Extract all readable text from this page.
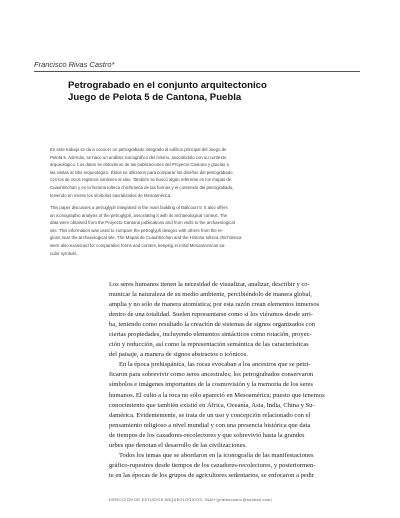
Francisco Rivas Castro*
Petrograbado en el conjunto arquitectonico
Juego de Pelota 5 de Cantona, Puebla
En este trabajo se da a conocer un petrograbado integrado al edificio principal del Juego de
Pelota 5. Además, se hace un análisis iconográfico del mismo, asociándolo con su contexto
arqueológico. Los datos se obtuvieron de las publicaciones del Proyecto Cantona y gracias a
las visitas al sitio arqueológico. Éstos se utilizaron para comparar los diseños del petrograbado
con los de otros registros similares al sitio. También se buscó algún referente en los mapas de
Cuauhtinchan y en la historia tolteca chichimeca de las formas y el contenido del petrograbado,
teniendo en mente los símbolos sacralizados de Mesoamérica.
This paper discusses a petroglyph integrated in the main building of Ballcourt 5. It also offers
an iconographic analysis of the petroglyph, associating it with its archaeological context. The
data were obtained from the Proyecto Cantona publications and from visits to the archaeological
site. This information was used to compare the petroglyph designs with others from the re-
gions near the archaeological site. The Mapas de Cuauhtinchan and the Historia tolteca chichimeca
were also examined for comparative forms and content, keeping in mind Mesoamerican sa-
cular symbols.
Los seres humanos tienen la necesidad de visualizar, analizar, describir y co-
municar la naturaleza de su medio ambiente, percibiéndolo de manera global,
amplia y no sólo de manera atomística; por esta razón crean elementos inmersos
dentro de una totalidad. Suelen representarse como si los viéramos desde arri-
ba, teniendo como resultado la creación de sistemas de signos organizados con
ciertas propiedades, incluyendo elementos sintácticos como rotación, proyec-
ción y reducción, así como la representación semántica de las características
del paisaje, a manera de signos abstractos o icónicos.
En la época prehispánica, las rocas evocaban a los ancestros que se petri-
ficaron para sobrevivir como seres ancestrales; los petrograbados conservaron
símbolos e imágenes importantes de la cosmovisión y la memoria de los seres
humanos. El culto a la roca no sólo apareció en Mesoamérica; puesto que tenemos
conocimiento que también existió en África, Oceanía, Asia, India, China y Su-
damérica. Evidentemente, se trata de un uso y concepción relacionado con el
pensamiento religioso a nivel mundial y con una presencia histórica que data
de tiempos de los cazadores-recolectores y que sobrevivió hasta la grandes
urbes que denotan el desarrollo de las civilizaciones.
Todos los temas que se abordaron en la iconografía de las manifestaciones
gráfico-rupestres desde tiempos de los cazadores-recolectores, y posteriormen-
te en las épocas de los grupos de agricultores sedentarios, se enfocaron a pedir
DIRECCIÓN DE ESTUDIOS ARQUEOLÓGICOS, INAH (pratescastro@hotmail.com)
